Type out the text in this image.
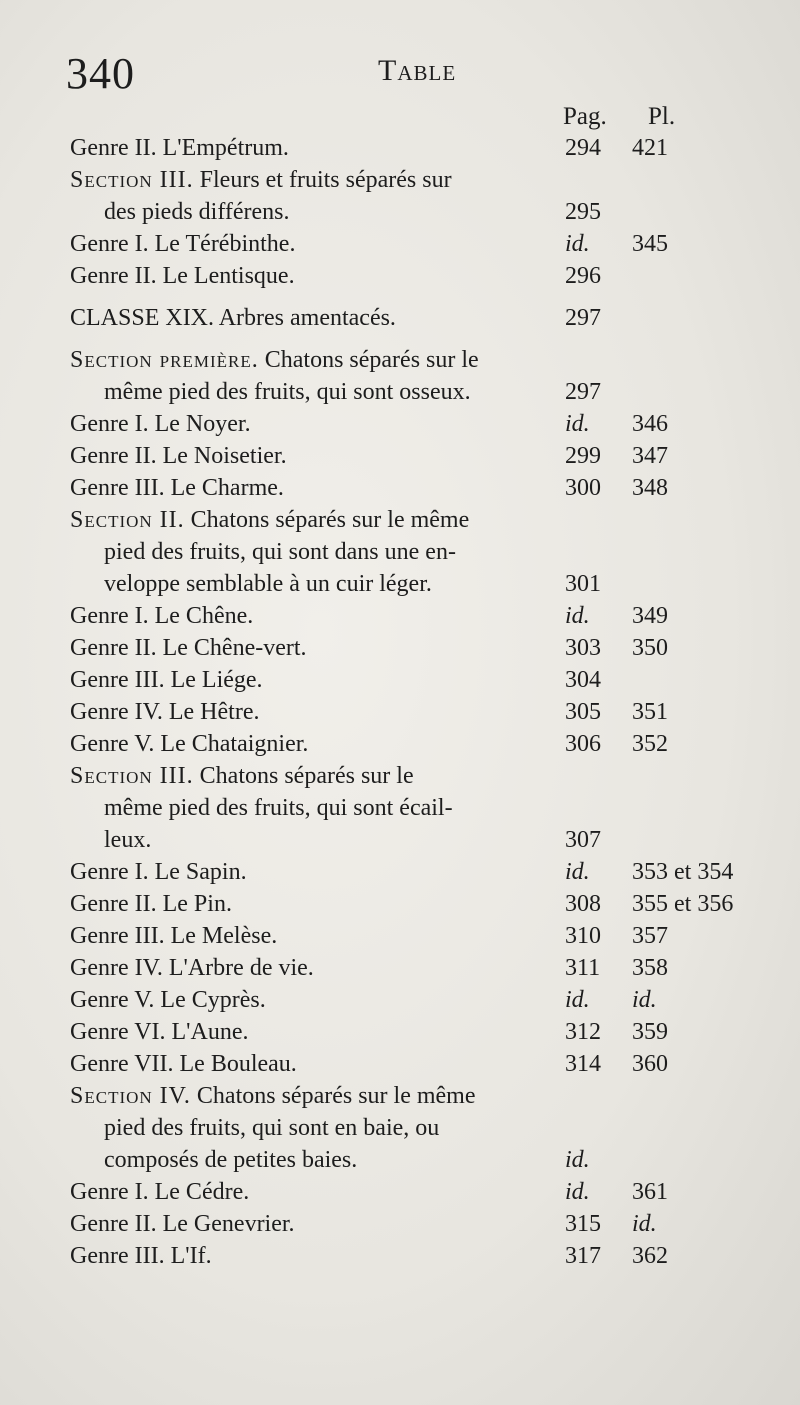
340	Table
Pag. Pl.
Genre II. L'Empétrum.	294 421
Section III. Fleurs et fruits séparés sur
des pieds différens.	295
Genre I. Le Térébinthe.	id. 345
Genre II. Le Lentisque.	296
CLASSE XIX. Arbres amentacés.	297
Section première. Chatons séparés sur le
même pied des fruits, qui sont osseux.	297
Genre I. Le Noyer.	id. 346
Genre II. Le Noisetier.	299 347
Genre III. Le Charme.	300 348
Section II. Chatons séparés sur le même
pied des fruits, qui sont dans une en-
veloppe semblable à un cuir léger.	301
Genre I. Le Chêne.	id. 349
Genre II. Le Chêne-vert.	303 350
Genre III. Le Liége.	304
Genre IV. Le Hêtre.	305 351
Genre V. Le Chataignier.	306 352
Section III. Chatons séparés sur le
même pied des fruits, qui sont écail-
leux.	307
Genre I. Le Sapin.	id. 353 et 354
Genre II. Le Pin.	308 355 et 356
Genre III. Le Melèse.	310 357
Genre IV. L'Arbre de vie.	311 358
Genre V. Le Cyprès.	id. id.
Genre VI. L'Aune.	312 359
Genre VII. Le Bouleau.	314 360
Section IV. Chatons séparés sur le même
pied des fruits, qui sont en baie, ou
composés de petites baies.	id.
Genre I. Le Cédre.	id. 361
Genre II. Le Genevrier.	315 id.
Genre III. L'If.	317 362
